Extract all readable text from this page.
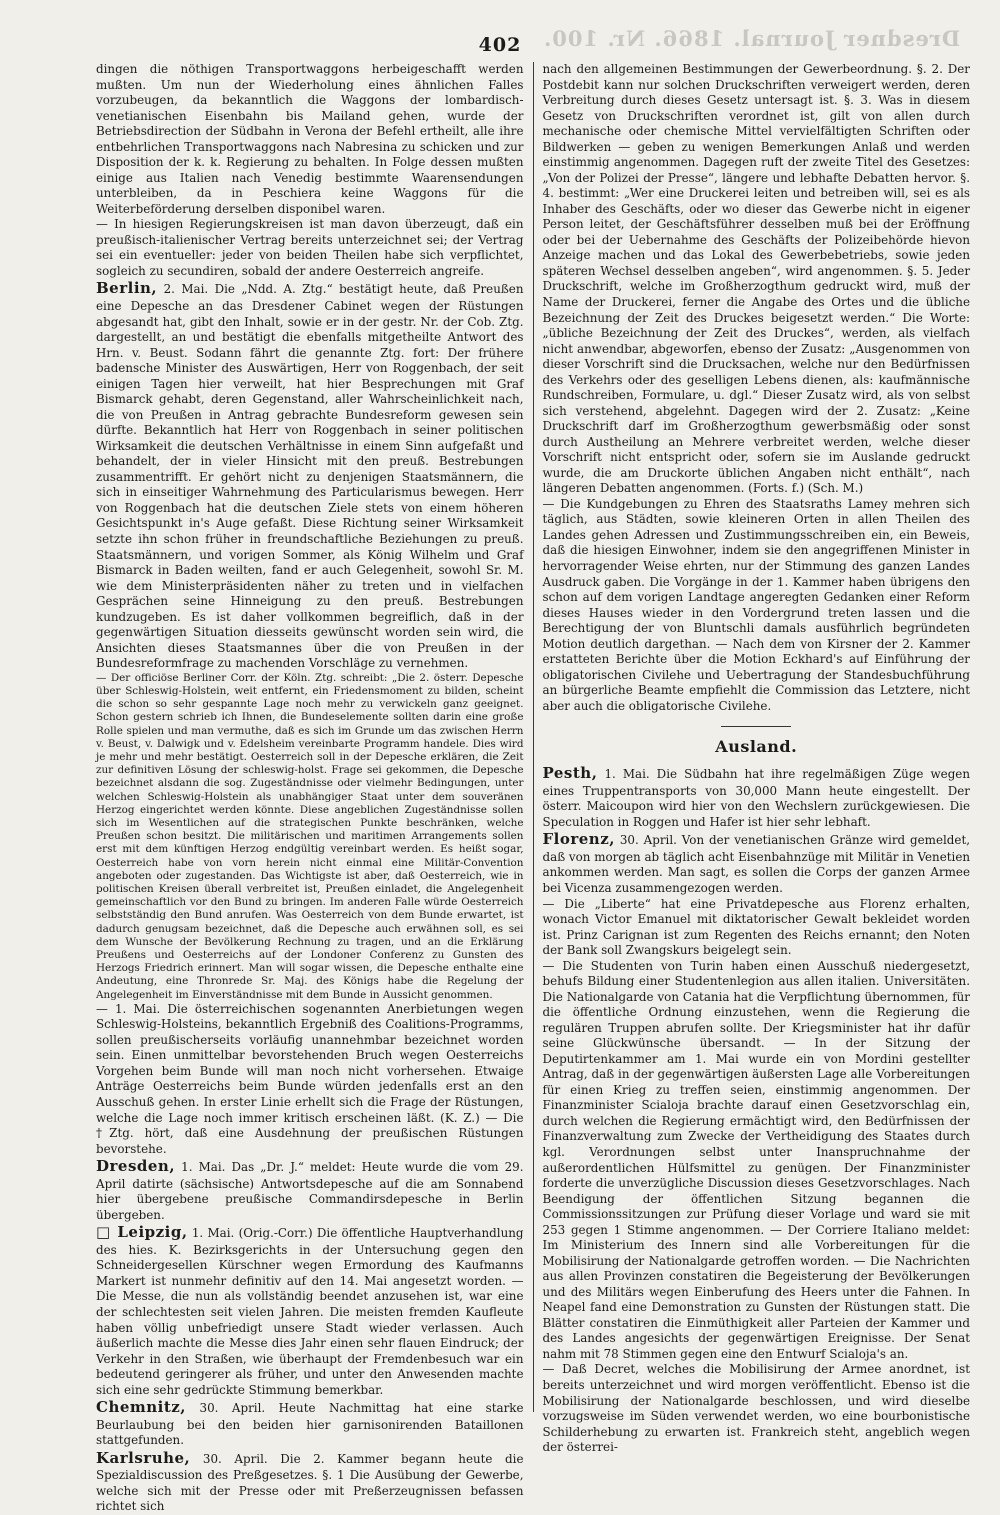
Dresdner Journal. 1866. Nr. 100.
402

dingen die nöthigen Transportwaggons herbeigeschafft werden mußten. Um nun der Wiederholung eines ähnlichen Falles vorzubeugen, da bekanntlich die Waggons der lombardisch-venetianischen Eisenbahn bis Mailand gehen, wurde der Betriebsdirection der Südbahn in Verona der Befehl ertheilt, alle ihre entbehrlichen Transportwaggons nach Nabresina zu schicken und zur Disposition der k. k. Regierung zu behalten. In Folge dessen mußten einige aus Italien nach Venedig bestimmte Waarensendungen unterbleiben, da in Peschiera keine Waggons für die Weiterbeförderung derselben disponibel waren.

— In hiesigen Regierungskreisen ist man davon überzeugt, daß ein preußisch-italienischer Vertrag bereits unterzeichnet sei; der Vertrag sei ein eventueller: jeder von beiden Theilen habe sich verpflichtet, sogleich zu secundiren, sobald der andere Oesterreich angreife.

Berlin, 2. Mai. Die „Ndd. A. Ztg.“ bestätigt heute, daß Preußen eine Depesche an das Dresdener Cabinet wegen der Rüstungen abgesandt hat, gibt den Inhalt, sowie er in der gestr. Nr. der Cob. Ztg. dargestellt, an und bestätigt die ebenfalls mitgetheilte Antwort des Hrn. v. Beust. Sodann fährt die genannte Ztg. fort: Der frühere badensche Minister des Auswärtigen, Herr von Roggenbach, der seit einigen Tagen hier verweilt, hat hier Besprechungen mit Graf Bismarck gehabt, deren Gegenstand, aller Wahrscheinlichkeit nach, die von Preußen in Antrag gebrachte Bundesreform gewesen sein dürfte. Bekanntlich hat Herr von Roggenbach in seiner politischen Wirksamkeit die deutschen Verhältnisse in einem Sinn aufgefaßt und behandelt, der in vieler Hinsicht mit den preuß. Bestrebungen zusammentrifft. Er gehört nicht zu denjenigen Staatsmännern, die sich in einseitiger Wahrnehmung des Particularismus bewegen. Herr von Roggenbach hat die deutschen Ziele stets von einem höheren Gesichtspunkt in's Auge gefaßt. Diese Richtung seiner Wirksamkeit setzte ihn schon früher in freundschaftliche Beziehungen zu preuß. Staatsmännern, und vorigen Sommer, als König Wilhelm und Graf Bismarck in Baden weilten, fand er auch Gelegenheit, sowohl Sr. M. wie dem Ministerpräsidenten näher zu treten und in vielfachen Gesprächen seine Hinneigung zu den preuß. Bestrebungen kundzugeben. Es ist daher vollkommen begreiflich, daß in der gegenwärtigen Situation diesseits gewünscht worden sein wird, die Ansichten dieses Staatsmannes über die von Preußen in der Bundesreformfrage zu machenden Vorschläge zu vernehmen.

— Der officiöse Berliner Corr. der Köln. Ztg. schreibt: „Die 2. österr. Depesche über Schleswig-Holstein, weit entfernt, ein Friedensmoment zu bilden, scheint die schon so sehr gespannte Lage noch mehr zu verwickeln ganz geeignet. Schon gestern schrieb ich Ihnen, die Bundeselemente sollten darin eine große Rolle spielen und man vermuthe, daß es sich im Grunde um das zwischen Herrn v. Beust, v. Dalwigk und v. Edelsheim vereinbarte Programm handele. Dies wird je mehr und mehr bestätigt. Oesterreich soll in der Depesche erklären, die Zeit zur definitiven Lösung der schleswig-holst. Frage sei gekommen, die Depesche bezeichnet alsdann die sog. Zugeständnisse oder vielmehr Bedingungen, unter welchen Schleswig-Holstein als unabhängiger Staat unter dem souveränen Herzog eingerichtet werden könnte. Diese angeblichen Zugeständnisse sollen sich im Wesentlichen auf die strategischen Punkte beschränken, welche Preußen schon besitzt. Die militärischen und maritimen Arrangements sollen erst mit dem künftigen Herzog endgültig vereinbart werden. Es heißt sogar, Oesterreich habe von vorn herein nicht einmal eine Militär-Convention angeboten oder zugestanden. Das Wichtigste ist aber, daß Oesterreich, wie in politischen Kreisen überall verbreitet ist, Preußen einladet, die Angelegenheit gemeinschaftlich vor den Bund zu bringen. Im anderen Falle würde Oesterreich selbstständig den Bund anrufen. Was Oesterreich von dem Bunde erwartet, ist dadurch genugsam bezeichnet, daß die Depesche auch erwähnen soll, es sei dem Wunsche der Bevölkerung Rechnung zu tragen, und an die Erklärung Preußens und Oesterreichs auf der Londoner Conferenz zu Gunsten des Herzogs Friedrich erinnert. Man will sogar wissen, die Depesche enthalte eine Andeutung, eine Thronrede Sr. Maj. des Königs habe die Regelung der Angelegenheit im Einverständnisse mit dem Bunde in Aussicht genommen.

— 1. Mai. Die österreichischen sogenannten Anerbietungen wegen Schleswig-Holsteins, bekanntlich Ergebniß des Coalitions-Programms, sollen preußischerseits vorläufig unannehmbar bezeichnet worden sein. Einen unmittelbar bevorstehenden Bruch wegen Oesterreichs Vorgehen beim Bunde will man noch nicht vorhersehen. Etwaige Anträge Oesterreichs beim Bunde würden jedenfalls erst an den Ausschuß gehen. In erster Linie erhellt sich die Frage der Rüstungen, welche die Lage noch immer kritisch erscheinen läßt. (K. Z.) — Die †Ztg. hört, daß eine Ausdehnung der preußischen Rüstungen bevorstehe.

Dresden, 1. Mai. Das „Dr. J.“ meldet: Heute wurde die vom 29. April datirte (sächsische) Antwortsdepesche auf die am Sonnabend hier übergebene preußische Commandirsdepesche in Berlin übergeben.

□ Leipzig, 1. Mai. (Orig.-Corr.) Die öffentliche Hauptverhandlung des hies. K. Bezirksgerichts in der Untersuchung gegen den Schneidergesellen Kürschner wegen Ermordung des Kaufmanns Markert ist nunmehr definitiv auf den 14. Mai angesetzt worden. — Die Messe, die nun als vollständig beendet anzusehen ist, war eine der schlechtesten seit vielen Jahren. Die meisten fremden Kaufleute haben völlig unbefriedigt unsere Stadt wieder verlassen. Auch äußerlich machte die Messe dies Jahr einen sehr flauen Eindruck; der Verkehr in den Straßen, wie überhaupt der Fremdenbesuch war ein bedeutend geringerer als früher, und unter den Anwesenden machte sich eine sehr gedrückte Stimmung bemerkbar.

Chemnitz, 30. April. Heute Nachmittag hat eine starke Beurlaubung bei den beiden hier garnisonirenden Bataillonen stattgefunden.

Karlsruhe, 30. April. Die 2. Kammer begann heute die Spezialdiscussion des Preßgesetzes. §. 1 Die Ausübung der Gewerbe, welche sich mit der Presse oder mit Preßerzeugnissen befassen richtet sich

nach den allgemeinen Bestimmungen der Gewerbeordnung. §. 2. Der Postdebit kann nur solchen Druckschriften verweigert werden, deren Verbreitung durch dieses Gesetz untersagt ist. §. 3. Was in diesem Gesetz von Druckschriften verordnet ist, gilt von allen durch mechanische oder chemische Mittel vervielfältigten Schriften oder Bildwerken — geben zu wenigen Bemerkungen Anlaß und werden einstimmig angenommen. Dagegen ruft der zweite Titel des Gesetzes: „Von der Polizei der Presse“, längere und lebhafte Debatten hervor. §. 4. bestimmt: „Wer eine Druckerei leiten und betreiben will, sei es als Inhaber des Geschäfts, oder wo dieser das Gewerbe nicht in eigener Person leitet, der Geschäftsführer desselben muß bei der Eröffnung oder bei der Uebernahme des Geschäfts der Polizeibehörde hievon Anzeige machen und das Lokal des Gewerbebetriebs, sowie jeden späteren Wechsel desselben angeben“, wird angenommen. §. 5. Jeder Druckschrift, welche im Großherzogthum gedruckt wird, muß der Name der Druckerei, ferner die Angabe des Ortes und die übliche Bezeichnung der Zeit des Druckes beigesetzt werden.“ Die Worte: „übliche Bezeichnung der Zeit des Druckes“, werden, als vielfach nicht anwendbar, abgeworfen, ebenso der Zusatz: „Ausgenommen von dieser Vorschrift sind die Drucksachen, welche nur den Bedürfnissen des Verkehrs oder des geselligen Lebens dienen, als: kaufmännische Rundschreiben, Formulare, u. dgl.“ Dieser Zusatz wird, als von selbst sich verstehend, abgelehnt. Dagegen wird der 2. Zusatz: „Keine Druckschrift darf im Großherzogthum gewerbsmäßig oder sonst durch Austheilung an Mehrere verbreitet werden, welche dieser Vorschrift nicht entspricht oder, sofern sie im Auslande gedruckt wurde, die am Druckorte üblichen Angaben nicht enthält“, nach längeren Debatten angenommen. (Forts. f.) (Sch. M.)

— Die Kundgebungen zu Ehren des Staatsraths Lamey mehren sich täglich, aus Städten, sowie kleineren Orten in allen Theilen des Landes gehen Adressen und Zustimmungsschreiben ein, ein Beweis, daß die hiesigen Einwohner, indem sie den angegriffenen Minister in hervorragender Weise ehrten, nur der Stimmung des ganzen Landes Ausdruck gaben. Die Vorgänge in der 1. Kammer haben übrigens den schon auf dem vorigen Landtage angeregten Gedanken einer Reform dieses Hauses wieder in den Vordergrund treten lassen und die Berechtigung der von Bluntschli damals ausführlich begründeten Motion deutlich dargethan. — Nach dem von Kirsner der 2. Kammer erstatteten Berichte über die Motion Eckhard's auf Einführung der obligatorischen Civilehe und Uebertragung der Standesbuchführung an bürgerliche Beamte empfiehlt die Commission das Letztere, nicht aber auch die obligatorische Civilehe.

Ausland.

Pesth, 1. Mai. Die Südbahn hat ihre regelmäßigen Züge wegen eines Truppentransports von 30,000 Mann heute eingestellt. Der österr. Maicoupon wird hier von den Wechslern zurückgewiesen. Die Speculation in Roggen und Hafer ist hier sehr lebhaft.

Florenz, 30. April. Von der venetianischen Gränze wird gemeldet, daß von morgen ab täglich acht Eisenbahnzüge mit Militär in Venetien ankommen werden. Man sagt, es sollen die Corps der ganzen Armee bei Vicenza zusammengezogen werden.

— Die „Liberte“ hat eine Privatdepesche aus Florenz erhalten, wonach Victor Emanuel mit diktatorischer Gewalt bekleidet worden ist. Prinz Carignan ist zum Regenten des Reichs ernannt; den Noten der Bank soll Zwangskurs beigelegt sein.

— Die Studenten von Turin haben einen Ausschuß niedergesetzt, behufs Bildung einer Studentenlegion aus allen italien. Universitäten. Die Nationalgarde von Catania hat die Verpflichtung übernommen, für die öffentliche Ordnung einzustehen, wenn die Regierung die regulären Truppen abrufen sollte. Der Kriegsminister hat ihr dafür seine Glückwünsche übersandt. — In der Sitzung der Deputirtenkammer am 1. Mai wurde ein von Mordini gestellter Antrag, daß in der gegenwärtigen äußersten Lage alle Vorbereitungen für einen Krieg zu treffen seien, einstimmig angenommen. Der Finanzminister Scialoja brachte darauf einen Gesetzvorschlag ein, durch welchen die Regierung ermächtigt wird, den Bedürfnissen der Finanzverwaltung zum Zwecke der Vertheidigung des Staates durch kgl. Verordnungen selbst unter Inanspruchnahme der außerordentlichen Hülfsmittel zu genügen. Der Finanzminister forderte die unverzügliche Discussion dieses Gesetzvorschlages. Nach Beendigung der öffentlichen Sitzung begannen die Commissionssitzungen zur Prüfung dieser Vorlage und ward sie mit 253 gegen 1 Stimme angenommen. — Der Corriere Italiano meldet: Im Ministerium des Innern sind alle Vorbereitungen für die Mobilisirung der Nationalgarde getroffen worden. — Die Nachrichten aus allen Provinzen constatiren die Begeisterung der Bevölkerungen und des Militärs wegen Einberufung des Heers unter die Fahnen. In Neapel fand eine Demonstration zu Gunsten der Rüstungen statt. Die Blätter constatiren die Einmüthigkeit aller Parteien der Kammer und des Landes angesichts der gegenwärtigen Ereignisse. Der Senat nahm mit 78 Stimmen gegen eine den Entwurf Scialoja's an.

— Daß Decret, welches die Mobilisirung der Armee anordnet, ist bereits unterzeichnet und wird morgen veröffentlicht. Ebenso ist die Mobilisirung der Nationalgarde beschlossen, und wird dieselbe vorzugsweise im Süden verwendet werden, wo eine bourbonistische Schilderhebung zu erwarten ist. Frankreich steht, angeblich wegen der österrei-
